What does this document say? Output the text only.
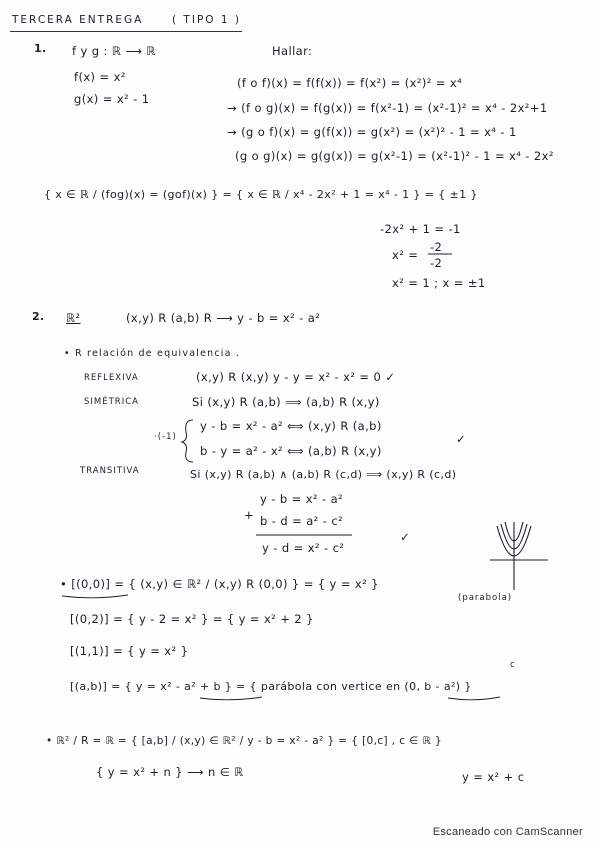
TERCERA ENTREGA	( TIPO 1 )
1. f y g : ℝ ⟶ ℝ	Hallar:
f(x) = x²
g(x) = x² - 1
(f o f)(x) = f(f(x)) = f(x²) = (x²)² = x⁴
→ (f o g)(x) = f(g(x)) = f(x²-1) = (x²-1)² = x⁴ - 2x²+1
→ (g o f)(x) = g(f(x)) = g(x²) = (x²)² - 1 = x⁴ - 1
(g o g)(x) = g(g(x)) = g(x²-1) = (x²-1)² - 1 = x⁴ - 2x²
{ x ∈ ℝ / (fog)(x) = (gof)(x) } = { x ∈ ℝ / x⁴ - 2x² + 1 = x⁴ - 1 } = { ±1 }
-2x² + 1 = -1
x² =
-2
-2
x² = 1 ; x = ±1
2. ℝ²	(x,y) R (a,b) R ⟶ y - b = x² - a²
• R relación de equivalencia .
REFLEXIVA	(x,y) R (x,y) y - y = x² - x² = 0 ✓
SIMÉTRICA	Si (x,y) R (a,b) ⟹ (a,b) R (x,y)
·(-1)
y - b = x² - a² ⟺ (x,y) R (a,b)
b - y = a² - x² ⟺ (a,b) R (x,y)
✓
TRANSITIVA	Si (x,y) R (a,b) ∧ (a,b) R (c,d) ⟹ (x,y) R (c,d)
y - b = x² - a²
+ b - d = a² - c²
y - d = x² - c²
✓
• [(0,0)] = { (x,y) ∈ ℝ² / (x,y) R (0,0) } = { y = x² }
(parabola)
[(0,2)] = { y - 2 = x² } = { y = x² + 2 }
[(1,1)] = { y = x² }
c
[(a,b)] = { y = x² - a² + b } = { parábola con vertice en (0, b - a²) }
• ℝ² / R = ℝ = { [a,b] / (x,y) ∈ ℝ² / y - b = x² - a² } = { [0,c] , c ∈ ℝ }
{ y = x² + n } ⟶ n ∈ ℝ	y = x² + c
Escaneado con CamScanner
